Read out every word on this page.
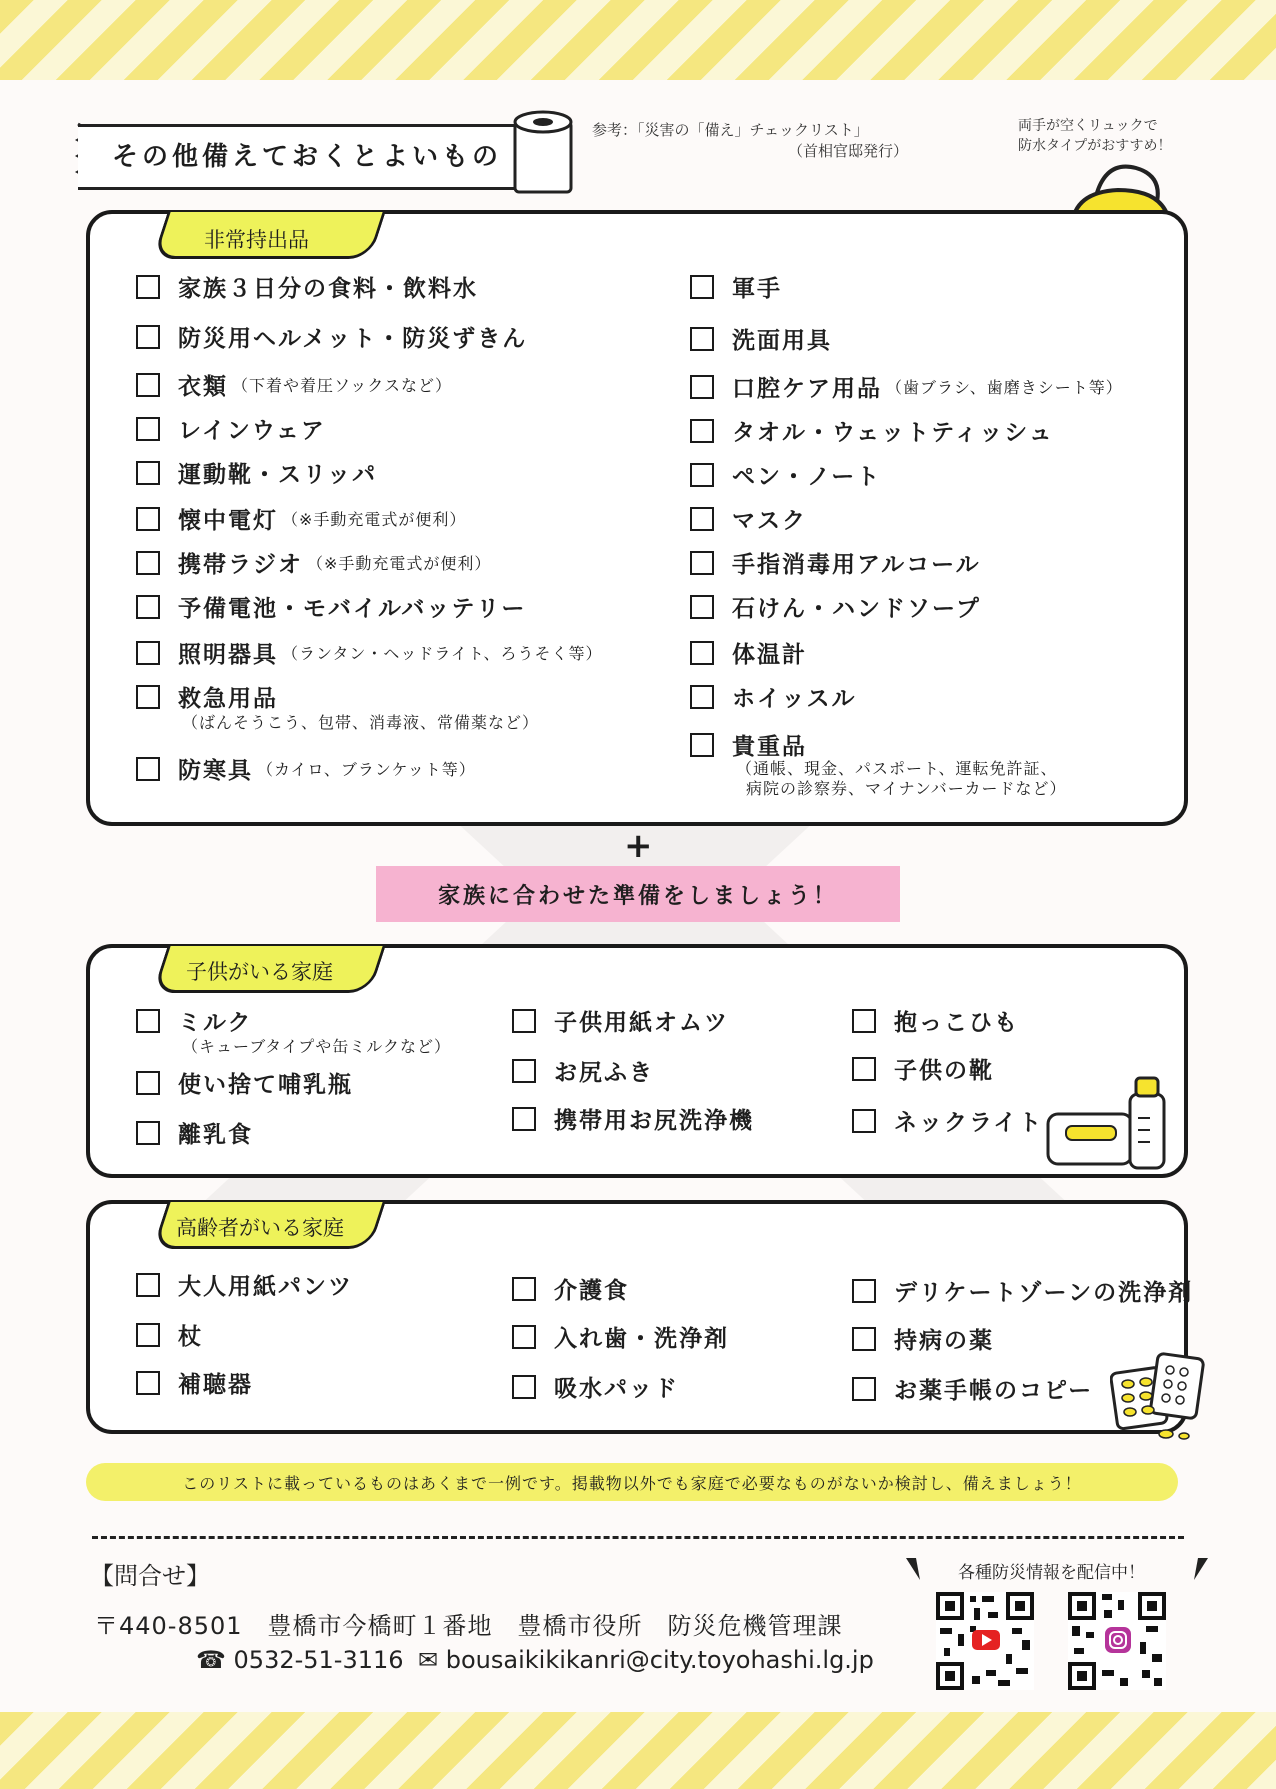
その他備えておくとよいもの
参考：「災害の「備え」チェックリスト」
（首相官邸発行）
両手が空くリュックで
防水タイプがおすすめ！
非常持出品
家族３日分の食料・飲料水
防災用ヘルメット・防災ずきん
衣類 （下着や着圧ソックスなど）
レインウェア
運動靴・スリッパ
懐中電灯 （※手動充電式が便利）
携帯ラジオ （※手動充電式が便利）
予備電池・モバイルバッテリー
照明器具 （ランタン・ヘッドライト、ろうそく等）
救急用品
防寒具 （カイロ、ブランケット等）
軍手
洗面用具
口腔ケア用品 （歯ブラシ、歯磨きシート等）
タオル・ウェットティッシュ
ペン・ノート
マスク
手指消毒用アルコール
石けん・ハンドソープ
体温計
ホイッスル
貴重品
（ばんそうこう、包帯、消毒液、常備薬など）
（通帳、現金、パスポート、運転免許証、
病院の診察券、マイナンバーカードなど）
+
家族に合わせた準備をしましょう！
子供がいる家庭
ミルク
使い捨て哺乳瓶
離乳食
子供用紙オムツ
お尻ふき
携帯用お尻洗浄機
抱っこひも
子供の靴
ネックライト
（キューブタイプや缶ミルクなど）
高齢者がいる家庭
大人用紙パンツ
杖
補聴器
介護食
入れ歯・洗浄剤
吸水パッド
デリケートゾーンの洗浄剤
持病の薬
お薬手帳のコピー
このリストに載っているものはあくまで一例です。掲載物以外でも家庭で必要なものがないか検討し、備えましょう！
【問合せ】
〒440-8501　豊橋市今橋町１番地　豊橋市役所　防災危機管理課
☎ 0532-51-3116 ✉ bousaikikikanri@city.toyohashi.lg.jp
各種防災情報を配信中！
